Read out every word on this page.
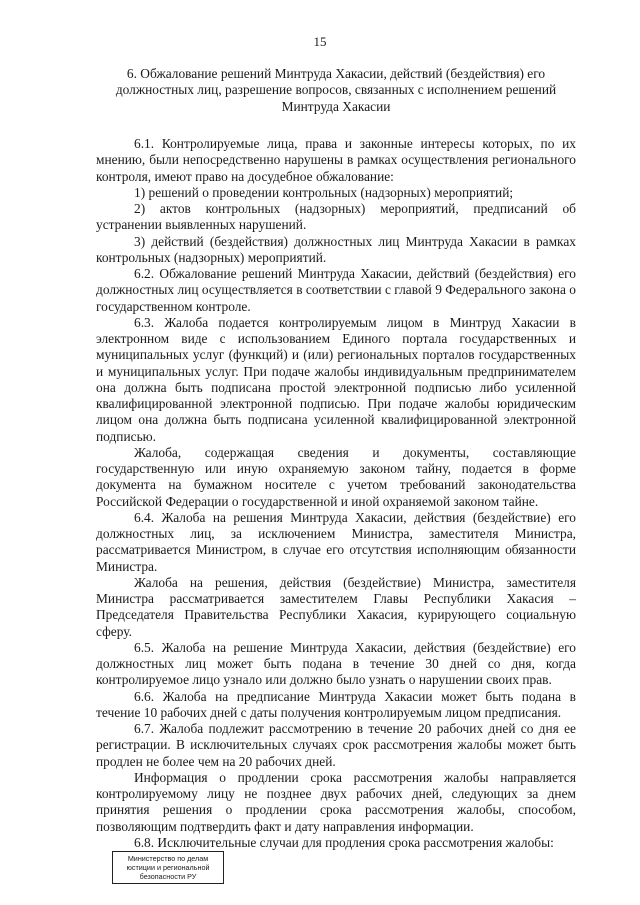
15
6. Обжалование решений Минтруда Хакасии, действий (бездействия) его должностных лиц, разрешение вопросов, связанных с исполнением решений Минтруда Хакасии

6.1. Контролируемые лица, права и законные интересы которых, по их мнению, были непосредственно нарушены в рамках осуществления регионального контроля, имеют право на досудебное обжалование:

1) решений о проведении контрольных (надзорных) мероприятий;

2) актов контрольных (надзорных) мероприятий, предписаний об устранении выявленных нарушений.

3) действий (бездействия) должностных лиц Минтруда Хакасии в рамках контрольных (надзорных) мероприятий.

6.2. Обжалование решений Минтруда Хакасии, действий (бездействия) его должностных лиц осуществляется в соответствии с главой 9 Федерального закона о государственном контроле.

6.3. Жалоба подается контролируемым лицом в Минтруд Хакасии в электронном виде с использованием Единого портала государственных и муниципальных услуг (функций) и (или) региональных порталов государственных и муниципальных услуг. При подаче жалобы индивидуальным предпринимателем она должна быть подписана простой электронной подписью либо усиленной квалифицированной электронной подписью. При подаче жалобы юридическим лицом она должна быть подписана усиленной квалифицированной электронной подписью.

Жалоба, содержащая сведения и документы, составляющие государственную или иную охраняемую законом тайну, подается в форме документа на бумажном носителе с учетом требований законодательства Российской Федерации о государственной и иной охраняемой законом тайне.

6.4. Жалоба на решения Минтруда Хакасии, действия (бездействие) его должностных лиц, за исключением Министра, заместителя Министра, рассматривается Министром, в случае его отсутствия исполняющим обязанности Министра.

Жалоба на решения, действия (бездействие) Министра, заместителя Министра рассматривается заместителем Главы Республики Хакасия – Председателя Правительства Республики Хакасия, курирующего социальную сферу.

6.5. Жалоба на решение Минтруда Хакасии, действия (бездействие) его должностных лиц может быть подана в течение 30 дней со дня, когда контролируемое лицо узнало или должно было узнать о нарушении своих прав.

6.6. Жалоба на предписание Минтруда Хакасии может быть подана в течение 10 рабочих дней с даты получения контролируемым лицом предписания.

6.7. Жалоба подлежит рассмотрению в течение 20 рабочих дней со дня ее регистрации. В исключительных случаях срок рассмотрения жалобы может быть продлен не более чем на 20 рабочих дней.

Информация о продлении срока рассмотрения жалобы направляется контролируемому лицу не позднее двух рабочих дней, следующих за днем принятия решения о продлении срока рассмотрения жалобы, способом, позволяющим подтвердить факт и дату направления информации.

6.8. Исключительные случаи для продления срока рассмотрения жалобы:

Министерство по делам
юстиции и региональной
безопасности РУ
